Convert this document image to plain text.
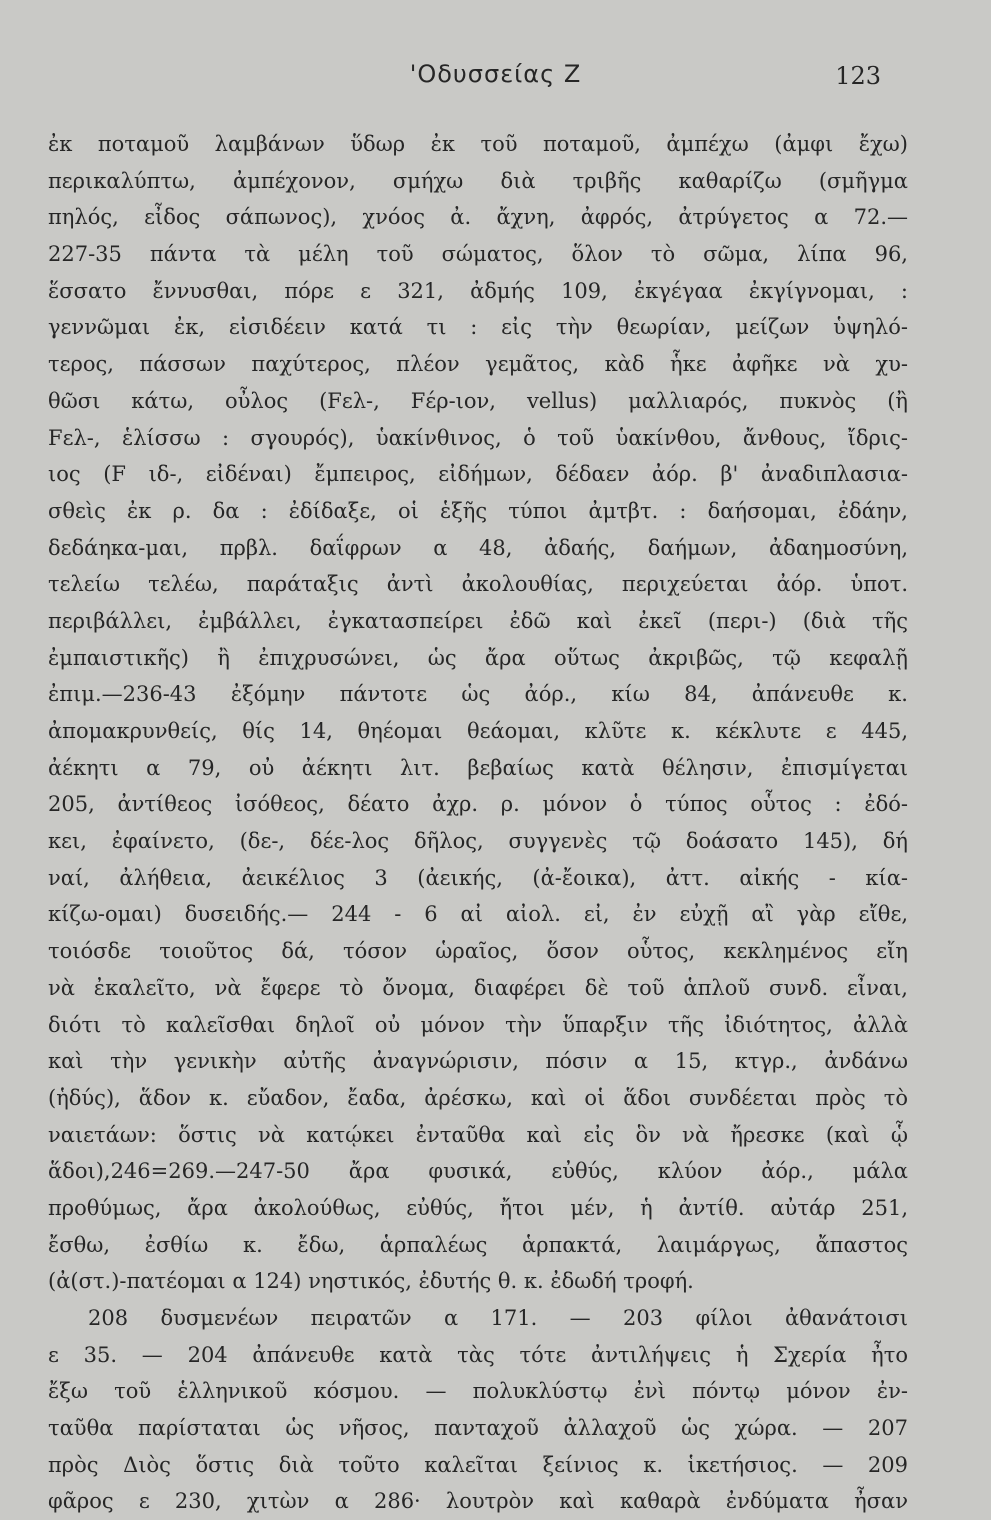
'Οδυσσείας Ζ	123
ἐκ ποταμοῦ λαμβάνων ὕδωρ ἐκ τοῦ ποταμοῦ, ἀμπέχω (ἀμφι ἔχω)
περικαλύπτω, ἀμπέχονον, σμήχω διὰ τριβῆς καθαρίζω (σμῆγμα
πηλός, εἶδος σάπωνος), χνόος ἀ. ἄχνη, ἀφρός, ἀτρύγετος α 72.—
227-35 πάντα τὰ μέλη τοῦ σώματος, ὅλον τὸ σῶμα, λίπα 96,
ἕσσατο ἔννυσθαι, πόρε ε 321, ἀδμής 109, ἐκγέγαα ἐκγίγνομαι, :
γεννῶμαι ἐκ, εἰσιδέειν κατά τι : εἰς τὴν θεωρίαν, μείζων ὑψηλό-
τερος, πάσσων παχύτερος, πλέον γεμᾶτος, κὰδ ἧκε ἀφῆκε νὰ χυ-
θῶσι κάτω, οὖλος (Fελ-, Fέρ-ιον, vellus) μαλλιαρός, πυκνὸς (ἢ
Fελ-, ἑλίσσω : σγουρός), ὑακίνθινος, ὁ τοῦ ὑακίνθου, ἄνθους, ἴδρις-
ιος (F ιδ-, εἰδέναι) ἔμπειρος, εἰδήμων, δέδαεν ἀόρ. β' ἀναδιπλασια-
σθεὶς ἐκ ρ. δα : ἐδίδαξε, οἱ ἑξῆς τύποι ἀμτβτ. : δαήσομαι, ἐδάην,
δεδάηκα-μαι, πρβλ. δαΐφρων α 48, ἀδαής, δαήμων, ἀδαημοσύνη,
τελείω τελέω, παράταξις ἀντὶ ἀκολουθίας, περιχεύεται ἀόρ. ὑποτ.
περιβάλλει, ἐμβάλλει, ἐγκατασπείρει ἐδῶ καὶ ἐκεῖ (περι-) (διὰ τῆς
ἐμπαιστικῆς) ἢ ἐπιχρυσώνει, ὡς ἄρα οὕτως ἀκριβῶς, τῷ κεφαλῇ
ἐπιμ.—236-43 ἐξόμην πάντοτε ὡς ἀόρ., κίω 84, ἀπάνευθε κ.
ἀπομακρυνθείς, θίς 14, θηέομαι θεάομαι, κλῦτε κ. κέκλυτε ε 445,
ἀέκητι α 79, οὐ ἀέκητι λιτ. βεβαίως κατὰ θέλησιν, ἐπισμίγεται
205, ἀντίθεος ἰσόθεος, δέατο ἀχρ. ρ. μόνον ὁ τύπος οὗτος : ἐδό-
κει, ἐφαίνετο, (δε-, δέε-λος δῆλος, συγγενὲς τῷ δοάσατο 145), δή
ναί, ἀλήθεια, ἀεικέλιος 3 (ἀεικής, (ἀ-ἔοικα), ἀττ. αἰκής - κία-
κίζω-ομαι) δυσειδής.— 244 - 6 αἰ αἰολ. εἰ, ἐν εὐχῇ αἲ γὰρ εἴθε,
τοιόσδε τοιοῦτος δά, τόσον ὡραῖος, ὅσον οὗτος, κεκλημένος εἴη
νὰ ἐκαλεῖτο, νὰ ἔφερε τὸ ὄνομα, διαφέρει δὲ τοῦ ἁπλοῦ συνδ. εἶναι,
διότι τὸ καλεῖσθαι δηλοῖ οὐ μόνον τὴν ὕπαρξιν τῆς ἰδιότητος, ἀλλὰ
καὶ τὴν γενικὴν αὐτῆς ἀναγνώρισιν, πόσιν α 15, κτγρ., ἀνδάνω
(ἡδύς), ἅδον κ. εὔαδον, ἔαδα, ἀρέσκω, καὶ οἱ ἅδοι συνδέεται πρὸς τὸ
ναιετάων: ὅστις νὰ κατῴκει ἐνταῦθα καὶ εἰς ὃν νὰ ἤρεσκε (καὶ ᾧ
ἅδοι),246=269.—247-50 ἄρα φυσικά, εὐθύς, κλύον ἀόρ., μάλα
προθύμως, ἄρα ἀκολούθως, εὐθύς, ἤτοι μέν, ἡ ἀντίθ. αὐτάρ 251,
ἔσθω, ἐσθίω κ. ἔδω, ἁρπαλέως ἁρπακτά, λαιμάργως, ἄπαστος
(ἀ(στ.)-πατέομαι α 124) νηστικός, ἐδυτής θ. κ. ἐδωδή τροφή.
208 δυσμενέων πειρατῶν α 171. — 203 φίλοι ἀθανάτοισι
ε 35. — 204 ἀπάνευθε κατὰ τὰς τότε ἀντιλήψεις ἡ Σχερία ἦτο
ἔξω τοῦ ἑλληνικοῦ κόσμου. — πολυκλύστῳ ἐνὶ πόντῳ μόνον ἐν-
ταῦθα παρίσταται ὡς νῆσος, πανταχοῦ ἀλλαχοῦ ὡς χώρα. — 207
πρὸς Διὸς ὅστις διὰ τοῦτο καλεῖται ξείνιος κ. ἱκετήσιος. — 209
φᾶρος ε 230, χιτὼν α 286· λουτρὸν καὶ καθαρὰ ἐνδύματα ἦσαν
